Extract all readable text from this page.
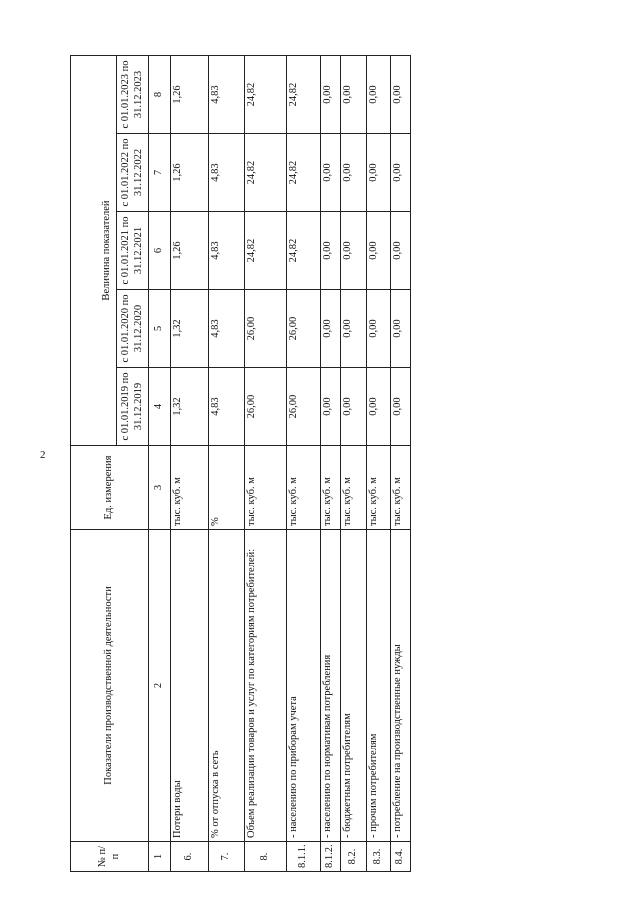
2
№ п/п	Показатели производственной деятельности	Ед. измерения	Величина показателей				
			с 01.01.2019 по 31.12.2019	с 01.01.2020 по 31.12.2020	с 01.01.2021 по 31.12.2021	с 01.01.2022 по 31.12.2022	с 01.01.2023 по 31.12.2023
1	2	3	4	5	6	7	8
6.	Потери воды	тыс. куб. м	1,32	1,32	1,26	1,26	1,26
7.	% от отпуска в сеть	%	4,83	4,83	4,83	4,83	4,83
8.	Объем реализации товаров и услуг по категориям потребителей:	тыс. куб. м	26,00	26,00	24,82	24,82	24,82
8.1.1.	- населению по приборам учета	тыс. куб. м	26,00	26,00	24,82	24,82	24,82
8.1.2.	- населению по нормативам потребления	тыс. куб. м	0,00	0,00	0,00	0,00	0,00
8.2.	- бюджетным потребителям	тыс. куб. м	0,00	0,00	0,00	0,00	0,00
8.3.	- прочим потребителям	тыс. куб. м	0,00	0,00	0,00	0,00	0,00
8.4.	- потребление на производственные нужды	тыс. куб. м	0,00	0,00	0,00	0,00	0,00
